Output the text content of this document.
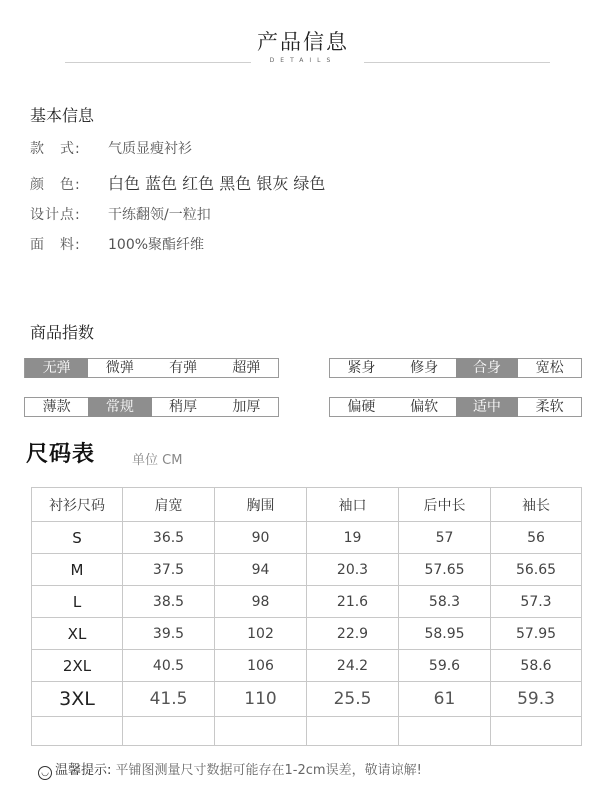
产品信息
DETAILS
基本信息
款　式: 气质显瘦衬衫
颜　色: 白色 蓝色 红色 黑色 银灰 绿色
设计点: 干练翻领/一粒扣
面　料: 100%聚酯纤维
商品指数
无弹	微弹	有弹	超弹	紧身	修身	合身	宽松
薄款	常规	稍厚	加厚	偏硬	偏软	适中	柔软
尺码表	单位 CM
衬衫尺码	肩宽	胸围	袖口	后中长	袖长
S	36.5	90	19	57	56
M	37.5	94	20.3	57.65	56.65
L	38.5	98	21.6	58.3	57.3
XL	39.5	102	22.9	58.95	57.95
2XL	40.5	106	24.2	59.6	58.6
3XL	41.5	110	25.5	61	59.3

◡ 温馨提示: 平铺图测量尺寸数据可能存在1-2cm误差，敬请谅解!
